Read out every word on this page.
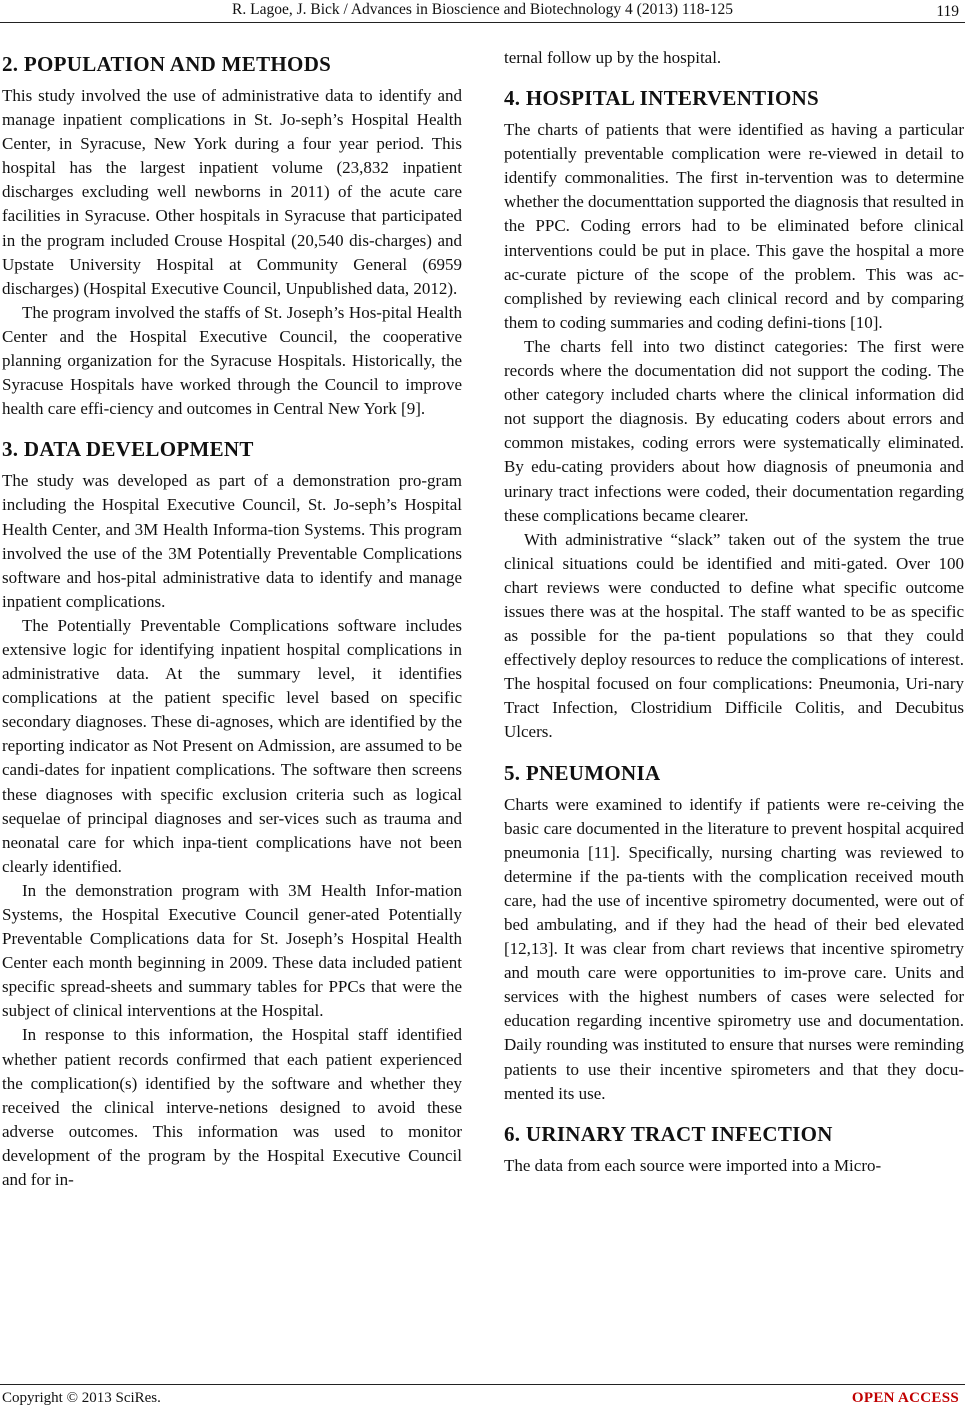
R. Lagoe, J. Bick / Advances in Bioscience and Biotechnology 4 (2013) 118-125	119
2. POPULATION AND METHODS

This study involved the use of administrative data to identify and manage inpatient complications in St. Jo-seph’s Hospital Health Center, in Syracuse, New York during a four year period. This hospital has the largest inpatient volume (23,832 inpatient discharges excluding well newborns in 2011) of the acute care facilities in Syracuse. Other hospitals in Syracuse that participated in the program included Crouse Hospital (20,540 dis-charges) and Upstate University Hospital at Community General (6959 discharges) (Hospital Executive Council, Unpublished data, 2012).

The program involved the staffs of St. Joseph’s Hos-pital Health Center and the Hospital Executive Council, the cooperative planning organization for the Syracuse Hospitals. Historically, the Syracuse Hospitals have worked through the Council to improve health care effi-ciency and outcomes in Central New York [9].

3. DATA DEVELOPMENT

The study was developed as part of a demonstration pro-gram including the Hospital Executive Council, St. Jo-seph’s Hospital Health Center, and 3M Health Informa-tion Systems. This program involved the use of the 3M Potentially Preventable Complications software and hos-pital administrative data to identify and manage inpatient complications.

The Potentially Preventable Complications software includes extensive logic for identifying inpatient hospital complications in administrative data. At the summary level, it identifies complications at the patient specific level based on specific secondary diagnoses. These di-agnoses, which are identified by the reporting indicator as Not Present on Admission, are assumed to be candi-dates for inpatient complications. The software then screens these diagnoses with specific exclusion criteria such as logical sequelae of principal diagnoses and ser-vices such as trauma and neonatal care for which inpa-tient complications have not been clearly identified.

In the demonstration program with 3M Health Infor-mation Systems, the Hospital Executive Council gener-ated Potentially Preventable Complications data for St. Joseph’s Hospital Health Center each month beginning in 2009. These data included patient specific spread-sheets and summary tables for PPCs that were the subject of clinical interventions at the Hospital.

In response to this information, the Hospital staff identified whether patient records confirmed that each patient experienced the complication(s) identified by the software and whether they received the clinical interve-netions designed to avoid these adverse outcomes. This information was used to monitor development of the program by the Hospital Executive Council and for in-

ternal follow up by the hospital.

4. HOSPITAL INTERVENTIONS

The charts of patients that were identified as having a particular potentially preventable complication were re-viewed in detail to identify commonalities. The first in-tervention was to determine whether the documenttation supported the diagnosis that resulted in the PPC. Coding errors had to be eliminated before clinical interventions could be put in place. This gave the hospital a more ac-curate picture of the scope of the problem. This was ac-complished by reviewing each clinical record and by comparing them to coding summaries and coding defini-tions [10].

The charts fell into two distinct categories: The first were records where the documentation did not support the coding. The other category included charts where the clinical information did not support the diagnosis. By educating coders about errors and common mistakes, coding errors were systematically eliminated. By edu-cating providers about how diagnosis of pneumonia and urinary tract infections were coded, their documentation regarding these complications became clearer.

With administrative “slack” taken out of the system the true clinical situations could be identified and miti-gated. Over 100 chart reviews were conducted to define what specific outcome issues there was at the hospital. The staff wanted to be as specific as possible for the pa-tient populations so that they could effectively deploy resources to reduce the complications of interest. The hospital focused on four complications: Pneumonia, Uri-nary Tract Infection, Clostridium Difficile Colitis, and Decubitus Ulcers.

5. PNEUMONIA

Charts were examined to identify if patients were re-ceiving the basic care documented in the literature to prevent hospital acquired pneumonia [11]. Specifically, nursing charting was reviewed to determine if the pa-tients with the complication received mouth care, had the use of incentive spirometry documented, were out of bed ambulating, and if they had the head of their bed elevated [12,13]. It was clear from chart reviews that incentive spirometry and mouth care were opportunities to im-prove care. Units and services with the highest numbers of cases were selected for education regarding incentive spirometry use and documentation. Daily rounding was instituted to ensure that nurses were reminding patients to use their incentive spirometers and that they docu-mented its use.

6. URINARY TRACT INFECTION

The data from each source were imported into a Micro-

Copyright © 2013 SciRes.	OPEN ACCESS
